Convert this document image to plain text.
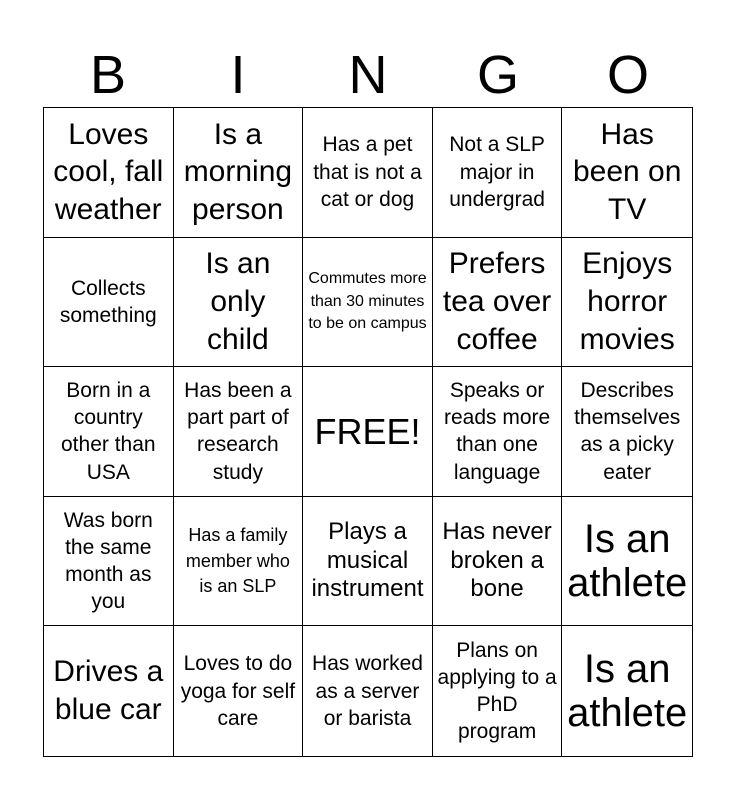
B	I	N	G	O
Loves cool, fall weather
Is a morning person
Has a pet that is not a cat or dog
Not a SLP major in undergrad
Has been on TV
Collects something
Is an only child
Commutes more than 30 minutes to be on campus
Prefers tea over coffee
Enjoys horror movies
Born in a country other than USA
Has been a part part of research study
FREE!
Speaks or reads more than one language
Describes themselves as a picky eater
Was born the same month as you
Has a family member who is an SLP
Plays a musical instrument
Has never broken a bone
Is an athlete
Drives a blue car
Loves to do yoga for self care
Has worked as a server or barista
Plans on applying to a PhD program
Is an athlete
